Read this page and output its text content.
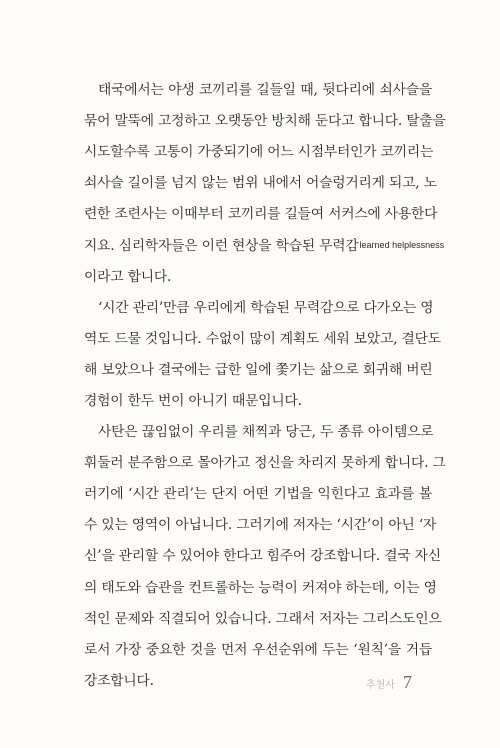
태국에서는 야생 코끼리를 길들일 때, 뒷다리에 쇠사슬을
묶어 말뚝에 고정하고 오랫동안 방치해 둔다고 합니다. 탈출을
시도할수록 고통이 가중되기에 어느 시점부터인가 코끼리는
쇠사슬 길이를 넘지 않는 범위 내에서 어슬렁거리게 되고, 노
련한 조련사는 이때부터 코끼리를 길들여 서커스에 사용한다
지요. 심리학자들은 이런 현상을 학습된 무력감learned helplessness
이라고 합니다.
‘시간 관리’만큼 우리에게 학습된 무력감으로 다가오는 영
역도 드물 것입니다. 수없이 많이 계획도 세워 보았고, 결단도
해 보았으나 결국에는 급한 일에 쫓기는 삶으로 회귀해 버린
경험이 한두 번이 아니기 때문입니다.
사탄은 끊임없이 우리를 채찍과 당근, 두 종류 아이템으로
휘둘러 분주함으로 몰아가고 정신을 차리지 못하게 합니다. 그
러기에 ‘시간 관리’는 단지 어떤 기법을 익힌다고 효과를 볼
수 있는 영역이 아닙니다. 그러기에 저자는 ‘시간’이 아닌 ‘자
신’을 관리할 수 있어야 한다고 힘주어 강조합니다. 결국 자신
의 태도와 습관을 컨트롤하는 능력이 커져야 하는데, 이는 영
적인 문제와 직결되어 있습니다. 그래서 저자는 그리스도인으
로서 가장 중요한 것을 먼저 우선순위에 두는 ‘원칙’을 거듭
강조합니다.	추천사 7
